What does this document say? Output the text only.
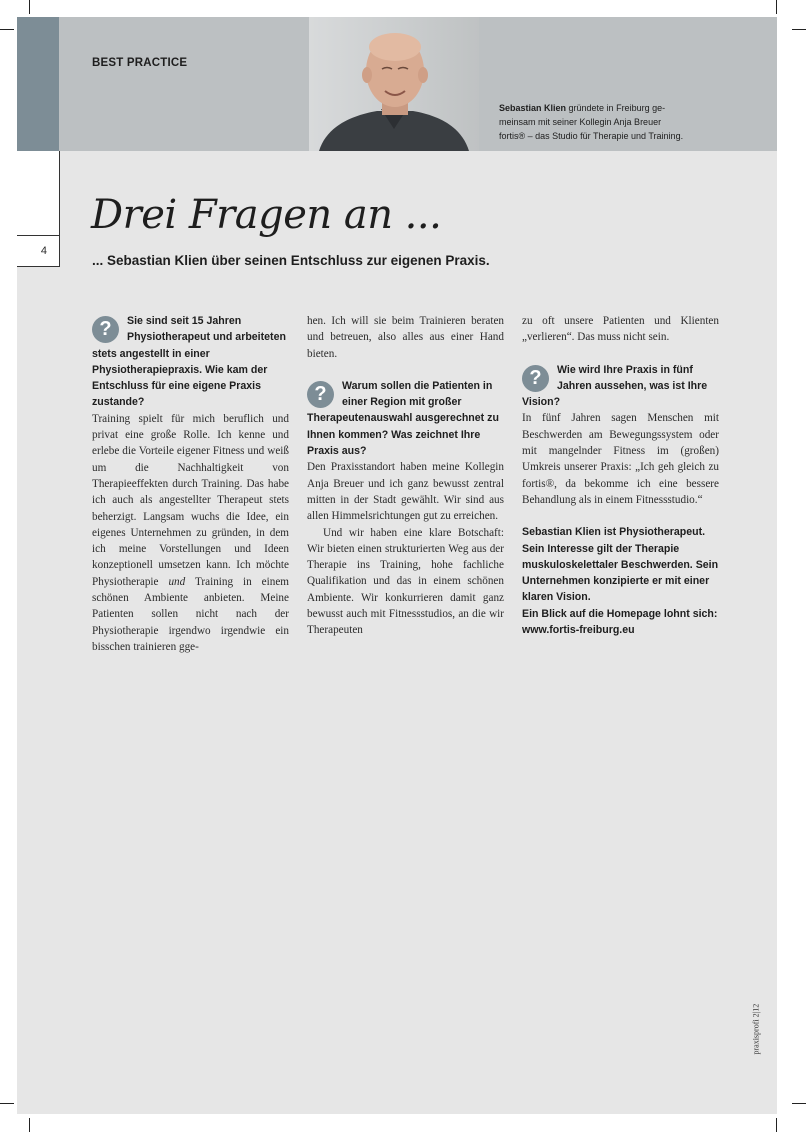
4
BEST PRACTICE
Sebastian Klien gründete in Freiburg ge-
meinsam mit seiner Kollegin Anja Breuer
fortis® – das Studio für Therapie und Training.
Drei Fragen an ...
... Sebastian Klien über seinen Entschluss zur eigenen Praxis.
?	Sie sind seit 15 Jahren Physiotherapeut und arbeiteten stets angestellt in einer Physiotherapiepraxis. Wie kam der Entschluss für eine eigene Praxis zustande?

Training spielt für mich beruflich und privat eine große Rolle. Ich kenne und erlebe die Vorteile eigener Fitness und weiß um die Nachhaltigkeit von Therapieeffekten durch Training. Das habe ich auch als angestellter Therapeut stets beherzigt. Langsam wuchs die Idee, ein eigenes Unternehmen zu gründen, in dem ich meine Vorstellungen und Ideen konzeptionell umsetzen kann. Ich möchte Physiotherapie und Training in einem schönen Ambiente anbieten. Meine Patienten sollen nicht nach der Physiotherapie irgendwo irgendwie ein bisschen trainieren gge-

hen. Ich will sie beim Trainieren beraten und betreuen, also alles aus einer Hand bieten.

?	Warum sollen die Patienten in einer Region mit großer Therapeutenauswahl ausgerechnet zu Ihnen kommen? Was zeichnet Ihre Praxis aus?

Den Praxisstandort haben meine Kollegin Anja Breuer und ich ganz bewusst zentral mitten in der Stadt gewählt. Wir sind aus allen Himmelsrichtungen gut zu erreichen.

Und wir haben eine klare Botschaft: Wir bieten einen strukturierten Weg aus der Therapie ins Training, hohe fachliche Qualifikation und das in einem schönen Ambiente. Wir konkurrieren damit ganz bewusst auch mit Fitnessstudios, an die wir Therapeuten

zu oft unsere Patienten und Klienten „verlieren“. Das muss nicht sein.

?	Wie wird Ihre Praxis in fünf Jahren aussehen, was ist Ihre Vision?

In fünf Jahren sagen Menschen mit Beschwerden am Bewegungssystem oder mit mangelnder Fitness im (großen) Umkreis unserer Praxis: „Ich geh gleich zu fortis®, da bekomme ich eine bessere Behandlung als in einem Fitnessstudio.“

Sebastian Klien ist Physiotherapeut. Sein Interesse gilt der Therapie muskuloskelettaler Beschwerden. Sein Unternehmen konzipierte er mit einer klaren Vision.

Ein Blick auf die Homepage lohnt sich:

www.fortis-freiburg.eu

praxisprofi 2|12
